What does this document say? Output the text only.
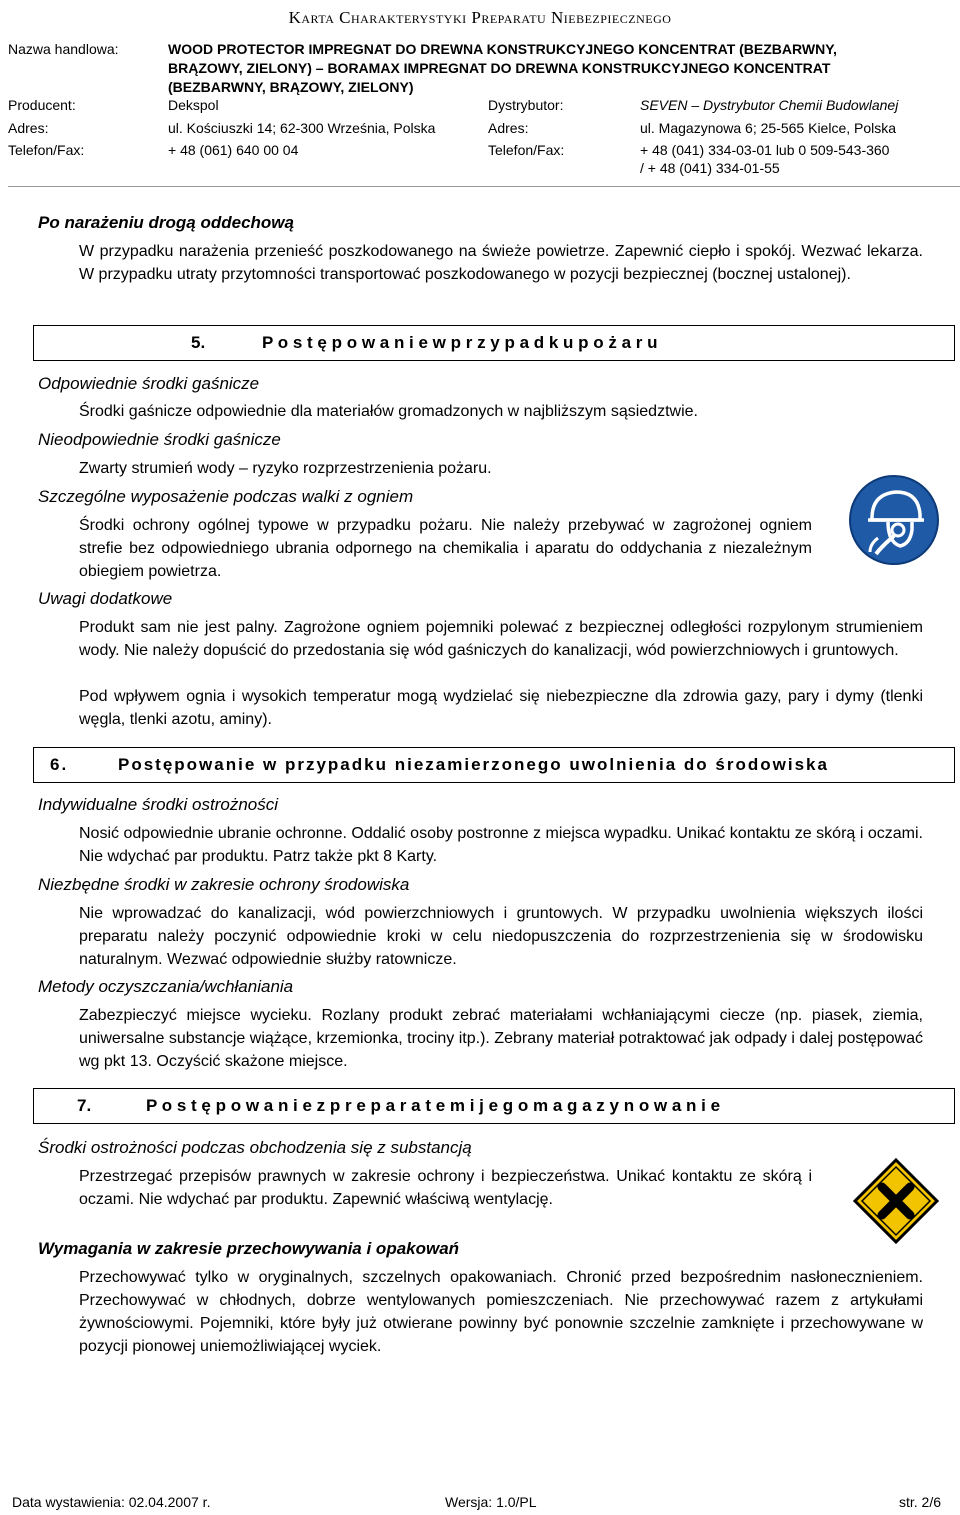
Karta Charakterystyki Preparatu Niebezpiecznego
Nazwa handlowa:	WOOD PROTECTOR IMPREGNAT DO DREWNA KONSTRUKCYJNEGO KONCENTRAT (BEZBARWNY,
BRĄZOWY, ZIELONY) – BORAMAX IMPREGNAT DO DREWNA KONSTRUKCYJNEGO KONCENTRAT
(BEZBARWNY, BRĄZOWY, ZIELONY)
Producent:	Dekspol	Dystrybutor:	SEVEN – Dystrybutor Chemii Budowlanej
Adres:	ul. Kościuszki 14; 62-300 Września, Polska	Adres:	ul. Magazynowa 6; 25-565 Kielce, Polska
Telefon/Fax:	+ 48 (061) 640 00 04	Telefon/Fax:	+ 48 (041) 334-03-01 lub 0 509-543-360
/ + 48 (041) 334-01-55
Po narażeniu drogą oddechową
W przypadku narażenia przenieść poszkodowanego na świeże powietrze. Zapewnić ciepło i spokój. Wezwać lekarza. W przypadku utraty przytomności transportować poszkodowanego w pozycji bezpiecznej (bocznej ustalonej).
5.	P o s t ę p o w a n i e w p r z y p a d k u p o ż a r u
Odpowiednie środki gaśnicze
Środki gaśnicze odpowiednie dla materiałów gromadzonych w najbliższym sąsiedztwie.
Nieodpowiednie środki gaśnicze
Zwarty strumień wody – ryzyko rozprzestrzenienia pożaru.
Szczególne wyposażenie podczas walki z ogniem
Środki ochrony ogólnej typowe w przypadku pożaru. Nie należy przebywać w zagrożonej ogniem strefie bez odpowiedniego ubrania odpornego na chemikalia i aparatu do oddychania z niezależnym obiegiem powietrza.
Uwagi dodatkowe
Produkt sam nie jest palny. Zagrożone ogniem pojemniki polewać z bezpiecznej odległości rozpylonym strumieniem wody. Nie należy dopuścić do przedostania się wód gaśniczych do kanalizacji, wód powierzchniowych i gruntowych.
Pod wpływem ognia i wysokich temperatur mogą wydzielać się niebezpieczne dla zdrowia gazy, pary i dymy (tlenki węgla, tlenki azotu, aminy).
6.	Postępowanie w przypadku niezamierzonego uwolnienia do środowiska
Indywidualne środki ostrożności
Nosić odpowiednie ubranie ochronne. Oddalić osoby postronne z miejsca wypadku. Unikać kontaktu ze skórą i oczami. Nie wdychać par produktu. Patrz także pkt 8 Karty.
Niezbędne środki w zakresie ochrony środowiska
Nie wprowadzać do kanalizacji, wód powierzchniowych i gruntowych. W przypadku uwolnienia większych ilości preparatu należy poczynić odpowiednie kroki w celu niedopuszczenia do rozprzestrzenienia się w środowisku naturalnym. Wezwać odpowiednie służby ratownicze.
Metody oczyszczania/wchłaniania
Zabezpieczyć miejsce wycieku. Rozlany produkt zebrać materiałami wchłaniającymi ciecze (np. piasek, ziemia, uniwersalne substancje wiążące, krzemionka, trociny itp.). Zebrany materiał potraktować jak odpady i dalej postępować wg pkt 13. Oczyścić skażone miejsce.
7.	P o s t ę p o w a n i e z p r e p a r a t e m i j e g o m a g a z y n o w a n i e
Środki ostrożności podczas obchodzenia się z substancją
Przestrzegać przepisów prawnych w zakresie ochrony i bezpieczeństwa. Unikać kontaktu ze skórą i oczami. Nie wdychać par produktu. Zapewnić właściwą wentylację.
Wymagania w zakresie przechowywania i opakowań
Przechowywać tylko w oryginalnych, szczelnych opakowaniach. Chronić przed bezpośrednim nasłonecznieniem. Przechowywać w chłodnych, dobrze wentylowanych pomieszczeniach. Nie przechowywać razem z artykułami żywnościowymi. Pojemniki, które były już otwierane powinny być ponownie szczelnie zamknięte i przechowywane w pozycji pionowej uniemożliwiającej wyciek.
Data wystawienia: 02.04.2007 r.	Wersja: 1.0/PL	str. 2/6
